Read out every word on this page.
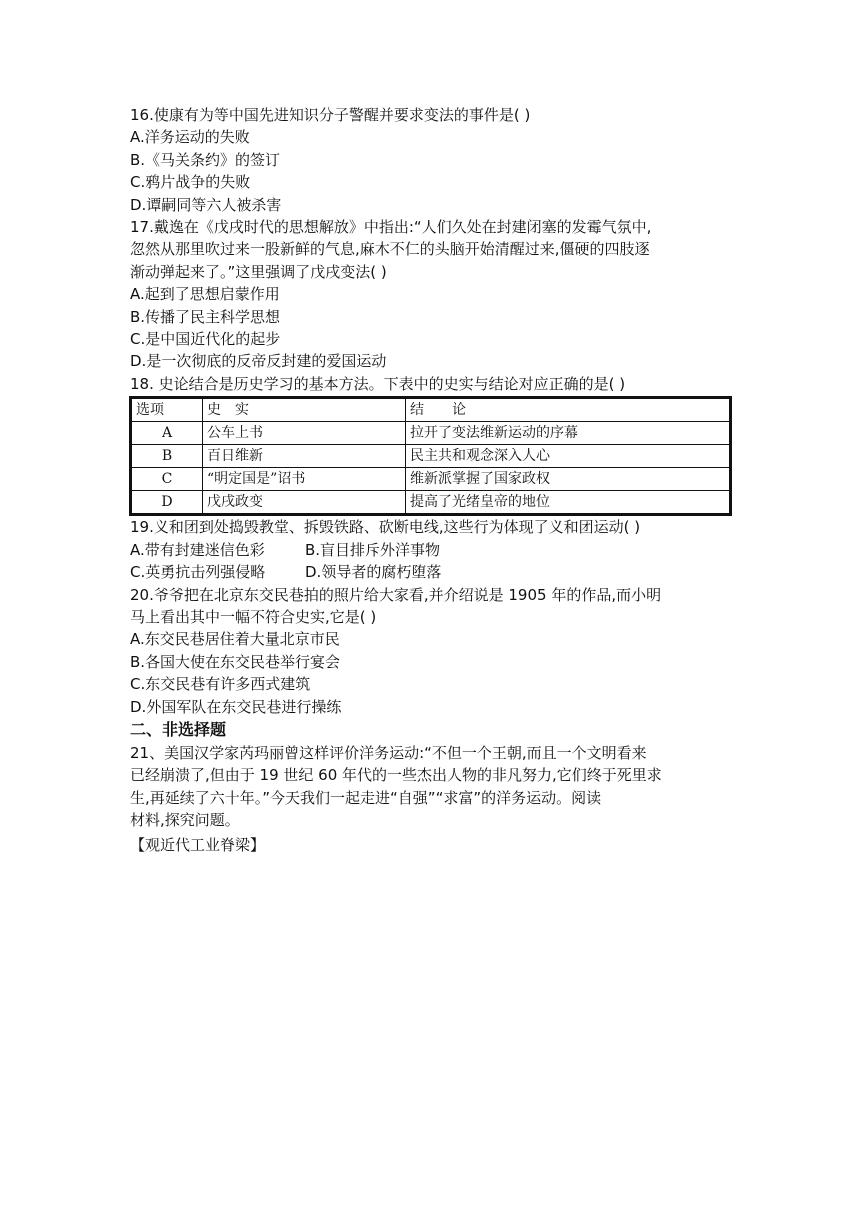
16.使康有为等中国先进知识分子警醒并要求变法的事件是( )
A.洋务运动的失败
B.《马关条约》的签订
C.鸦片战争的失败
D.谭嗣同等六人被杀害
17.戴逸在《戊戌时代的思想解放》中指出:“人们久处在封建闭塞的发霉气氛中,
忽然从那里吹过来一股新鲜的气息,麻木不仁的头脑开始清醒过来,僵硬的四肢逐
渐动弹起来了。”这里强调了戊戌变法( )
A.起到了思想启蒙作用
B.传播了民主科学思想
C.是中国近代化的起步
D.是一次彻底的反帝反封建的爱国运动
18. 史论结合是历史学习的基本方法。下表中的史实与结论对应正确的是( )
选项	史　实	结　　论
A	公车上书	拉开了变法维新运动的序幕
B	百日维新	民主共和观念深入人心
C	“明定国是”诏书	维新派掌握了国家政权
D	戊戌政变	提高了光绪皇帝的地位
19.义和团到处捣毁教堂、拆毁铁路、砍断电线,这些行为体现了义和团运动( )
A.带有封建迷信色彩	B.盲目排斥外洋事物
C.英勇抗击列强侵略	D.领导者的腐朽堕落
20.爷爷把在北京东交民巷拍的照片给大家看,并介绍说是 1905 年的作品,而小明
马上看出其中一幅不符合史实,它是( )
A.东交民巷居住着大量北京市民
B.各国大使在东交民巷举行宴会
C.东交民巷有许多西式建筑
D.外国军队在东交民巷进行操练
二、非选择题
21、美国汉学家芮玛丽曾这样评价洋务运动:“不但一个王朝,而且一个文明看来
已经崩溃了,但由于 19 世纪 60 年代的一些杰出人物的非凡努力,它们终于死里求
生,再延续了六十年。”今天我们一起走进“自强”“求富”的洋务运动。阅读
材料,探究问题。
【观近代工业脊梁】
